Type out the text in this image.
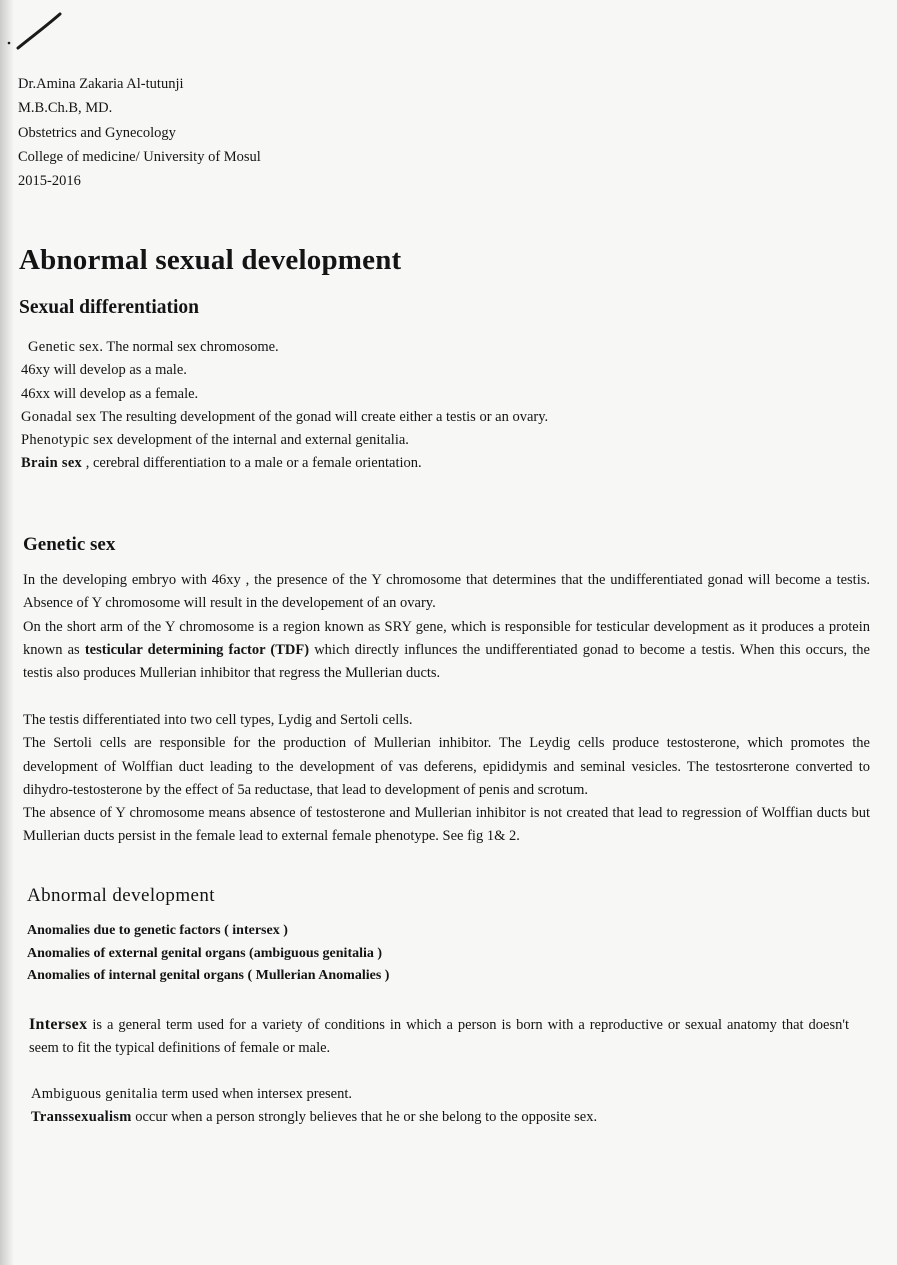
Dr.Amina Zakaria Al-tutunji
M.B.Ch.B, MD.
Obstetrics and Gynecology
College of medicine/ University of Mosul
2015-2016
Abnormal sexual development
Sexual differentiation
Genetic sex. The normal sex chromosome.
46xy will develop as a male.
46xx will develop as a female.
Gonadal sex The resulting development of the gonad will create either a testis or an ovary.
Phenotypic sex development of the internal and external genitalia.
Brain sex , cerebral differentiation to a male or a female orientation.
Genetic sex
In the developing embryo with 46xy , the presence of the Y chromosome that determines that the undifferentiated gonad will become a testis. Absence of Y chromosome will result in the developement of an ovary.
On the short arm of the Y chromosome is a region known as SRY gene, which is responsible for testicular development as it produces a protein known as testicular determining factor (TDF) which directly influnces the undifferentiated gonad to become a testis. When this occurs, the testis also produces Mullerian inhibitor that regress the Mullerian ducts.
The testis differentiated into two cell types, Lydig and Sertoli cells.
The Sertoli cells are responsible for the production of Mullerian inhibitor. The Leydig cells produce testosterone, which promotes the development of Wolffian duct leading to the development of vas deferens, epididymis and seminal vesicles. The testosrterone converted to dihydro-testosterone by the effect of 5a reductase, that lead to development of penis and scrotum.
The absence of Y chromosome means absence of testosterone and Mullerian inhibitor is not created that lead to regression of Wolffian ducts but Mullerian ducts persist in the female lead to external female phenotype. See fig 1& 2.
Abnormal development
Anomalies due to genetic factors ( intersex )
Anomalies of external genital organs (ambiguous genitalia )
Anomalies of internal genital organs ( Mullerian Anomalies )
Intersex is a general term used for a variety of conditions in which a person is born with a reproductive or sexual anatomy that doesn't seem to fit the typical definitions of female or male.
Ambiguous genitalia term used when intersex present.
Transsexualism occur when a person strongly believes that he or she belong to the opposite sex.
